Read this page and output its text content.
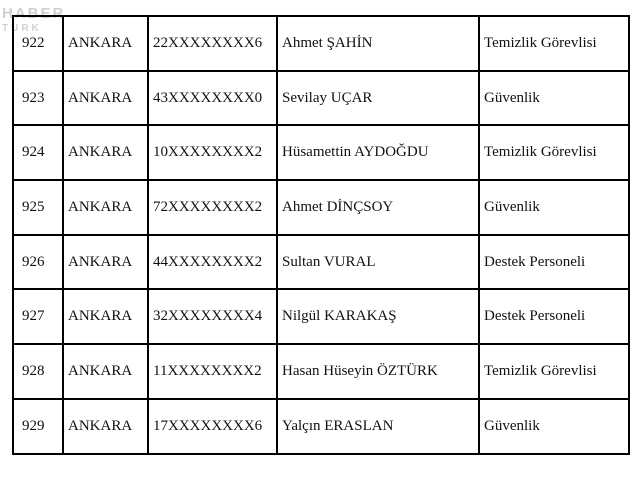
HABER
TURK
922	ANKARA	22XXXXXXXX6	Ahmet ŞAHİN	Temizlik Görevlisi
923	ANKARA	43XXXXXXXX0	Sevilay UÇAR	Güvenlik
924	ANKARA	10XXXXXXXX2	Hüsamettin AYDOĞDU	Temizlik Görevlisi
925	ANKARA	72XXXXXXXX2	Ahmet DİNÇSOY	Güvenlik
926	ANKARA	44XXXXXXXX2	Sultan VURAL	Destek Personeli
927	ANKARA	32XXXXXXXX4	Nilgül KARAKAŞ	Destek Personeli
928	ANKARA	11XXXXXXXX2	Hasan Hüseyin ÖZTÜRK	Temizlik Görevlisi
929	ANKARA	17XXXXXXXX6	Yalçın ERASLAN	Güvenlik
